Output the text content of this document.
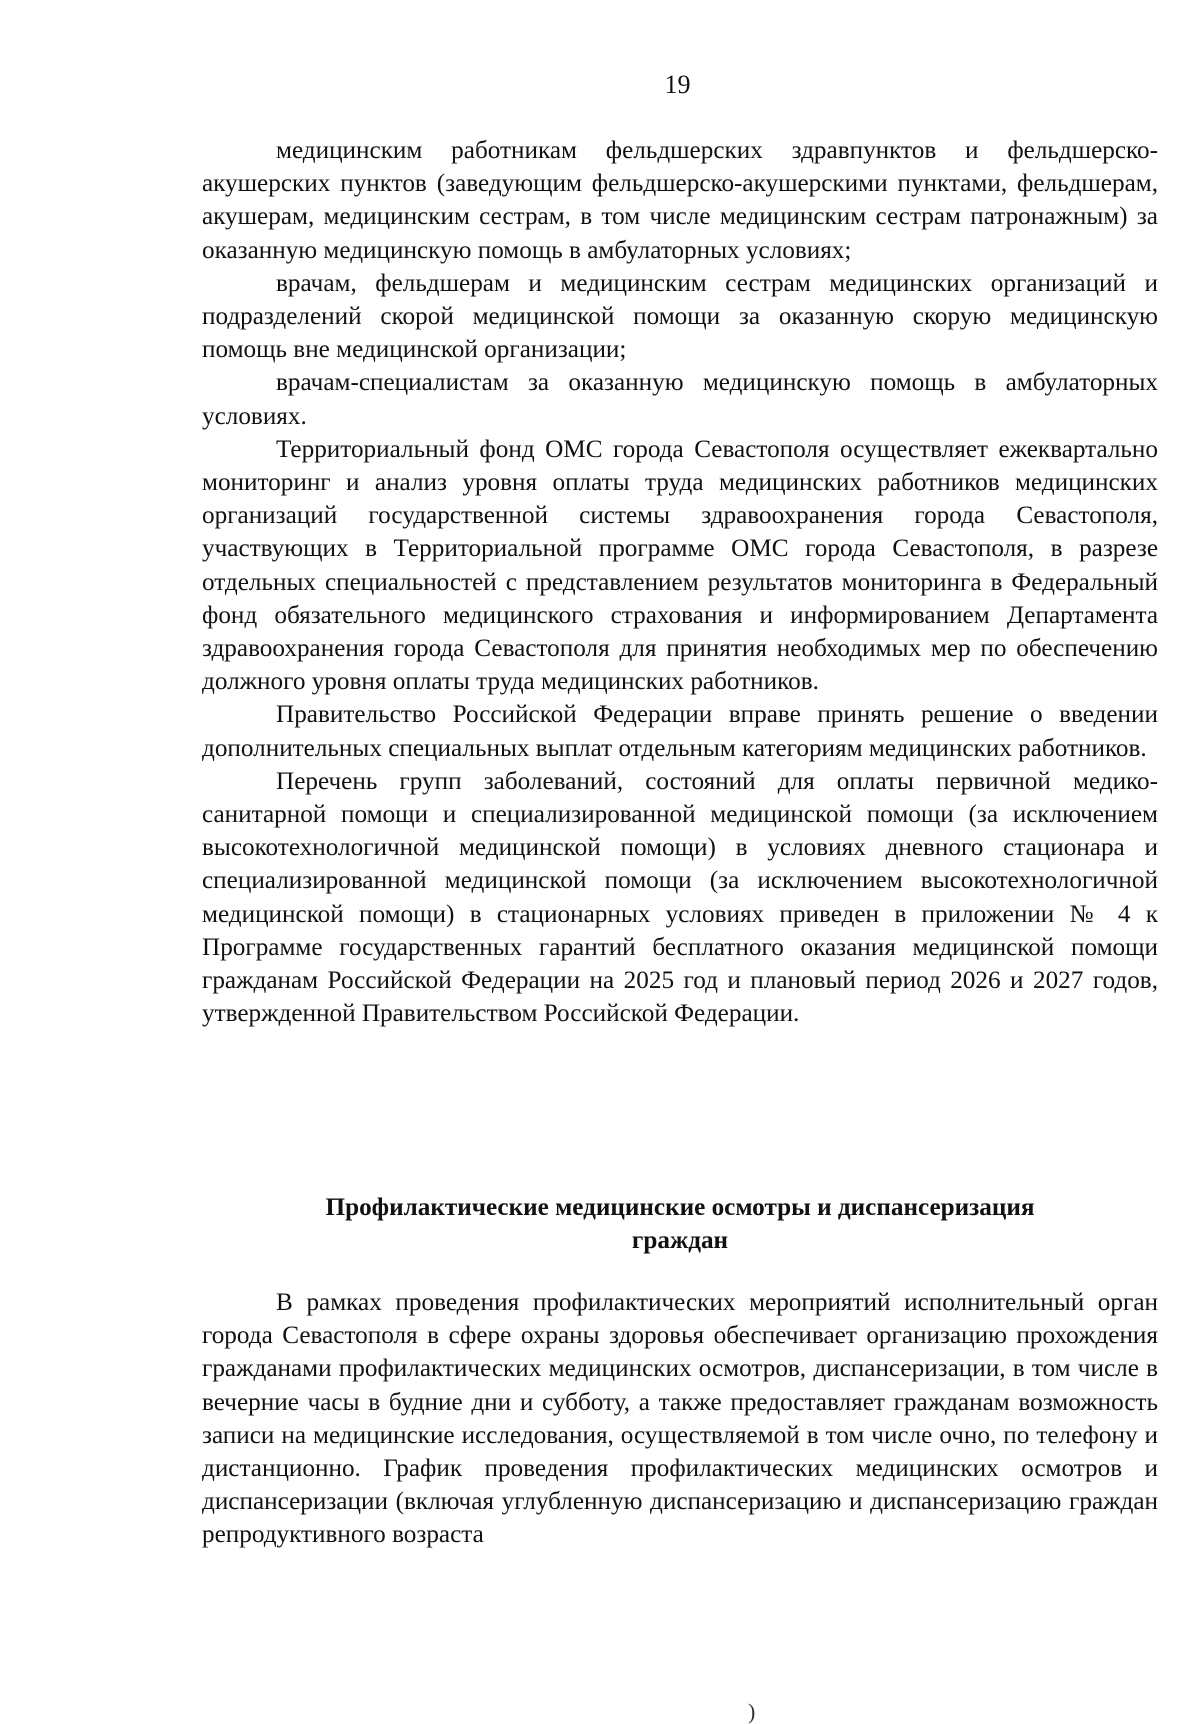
19

медицинским работникам фельдшерских здравпунктов и фельдшерско-акушерских пунктов (заведующим фельдшерско-акушерскими пунктами, фельдшерам, акушерам, медицинским сестрам, в том числе медицинским сестрам патронажным) за оказанную медицинскую помощь в амбулаторных условиях;

врачам, фельдшерам и медицинским сестрам медицинских организаций и подразделений скорой медицинской помощи за оказанную скорую медицинскую помощь вне медицинской организации;

врачам-специалистам за оказанную медицинскую помощь в амбулаторных условиях.

Территориальный фонд ОМС города Севастополя осуществляет ежеквартально мониторинг и анализ уровня оплаты труда медицинских работников медицинских организаций государственной системы здравоохранения города Севастополя, участвующих в Территориальной программе ОМС города Севастополя, в разрезе отдельных специальностей с представлением результатов мониторинга в Федеральный фонд обязательного медицинского страхования и информированием Департамента здравоохранения города Севастополя для принятия необходимых мер по обеспечению должного уровня оплаты труда медицинских работников.

Правительство Российской Федерации вправе принять решение о введении дополнительных специальных выплат отдельным категориям медицинских работников.

Перечень групп заболеваний, состояний для оплаты первичной медико-санитарной помощи и специализированной медицинской помощи (за исключением высокотехнологичной медицинской помощи) в условиях дневного стационара и специализированной медицинской помощи (за исключением высокотехнологичной медицинской помощи) в стационарных условиях приведен в приложении № 4 к Программе государственных гарантий бесплатного оказания медицинской помощи гражданам Российской Федерации на 2025 год и плановый период 2026 и 2027 годов, утвержденной Правительством Российской Федерации.

Профилактические медицинские осмотры и диспансеризация
граждан

В рамках проведения профилактических мероприятий исполнительный орган города Севастополя в сфере охраны здоровья обеспечивает организацию прохождения гражданами профилактических медицинских осмотров, диспансеризации, в том числе в вечерние часы в будние дни и субботу, а также предоставляет гражданам возможность записи на медицинские исследования, осуществляемой в том числе очно, по телефону и дистанционно. График проведения профилактических медицинских осмотров и диспансеризации (включая углубленную диспансеризацию и диспансеризацию граждан репродуктивного возраста

)
